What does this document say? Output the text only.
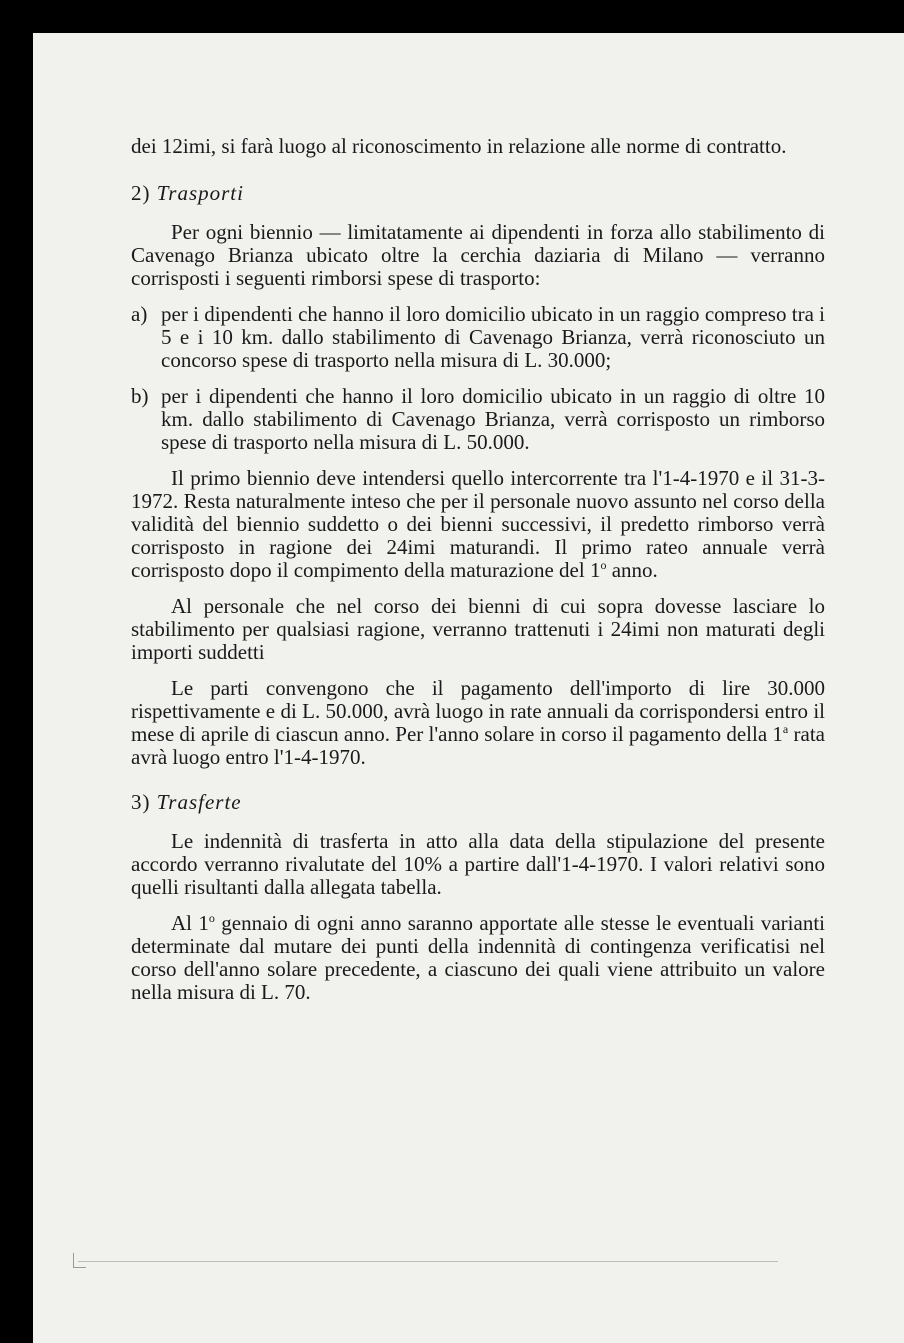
dei 12imi, si farà luogo al riconoscimento in relazione alle norme di contratto.

2) Trasporti

Per ogni biennio — limitatamente ai dipendenti in forza allo stabilimento di Cavenago Brianza ubicato oltre la cerchia daziaria di Milano — verranno corrisposti i seguenti rimborsi spese di trasporto:

a) per i dipendenti che hanno il loro domicilio ubicato in un raggio compreso tra i 5 e i 10 km. dallo stabilimento di Cavenago Brianza, verrà riconosciuto un concorso spese di trasporto nella misura di L. 30.000;
b) per i dipendenti che hanno il loro domicilio ubicato in un raggio di oltre 10 km. dallo stabilimento di Cavenago Brianza, verrà corrisposto un rimborso spese di trasporto nella misura di L. 50.000.

Il primo biennio deve intendersi quello intercorrente tra l'1-4-1970 e il 31-3-1972. Resta naturalmente inteso che per il personale nuovo assunto nel corso della validità del biennio suddetto o dei bienni successivi, il predetto rimborso verrà corrisposto in ragione dei 24imi maturandi. Il primo rateo annuale verrà corrisposto dopo il compimento della maturazione del 1$^o$ anno.

Al personale che nel corso dei bienni di cui sopra dovesse lasciare lo stabilimento per qualsiasi ragione, verranno trattenuti i 24imi non maturati degli importi suddetti

Le parti convengono che il pagamento dell'importo di lire 30.000 rispettivamente e di L. 50.000, avrà luogo in rate annuali da corrispondersi entro il mese di aprile di ciascun anno. Per l'anno solare in corso il pagamento della 1$^a$ rata avrà luogo entro l'1-4-1970.

3) Trasferte

Le indennità di trasferta in atto alla data della stipulazione del presente accordo verranno rivalutate del 10% a partire dall'1-4-1970. I valori relativi sono quelli risultanti dalla allegata tabella.

Al 1$^o$ gennaio di ogni anno saranno apportate alle stesse le eventuali varianti determinate dal mutare dei punti della indennità di contingenza verificatisi nel corso dell'anno solare precedente, a ciascuno dei quali viene attribuito un valore nella misura di L. 70.
